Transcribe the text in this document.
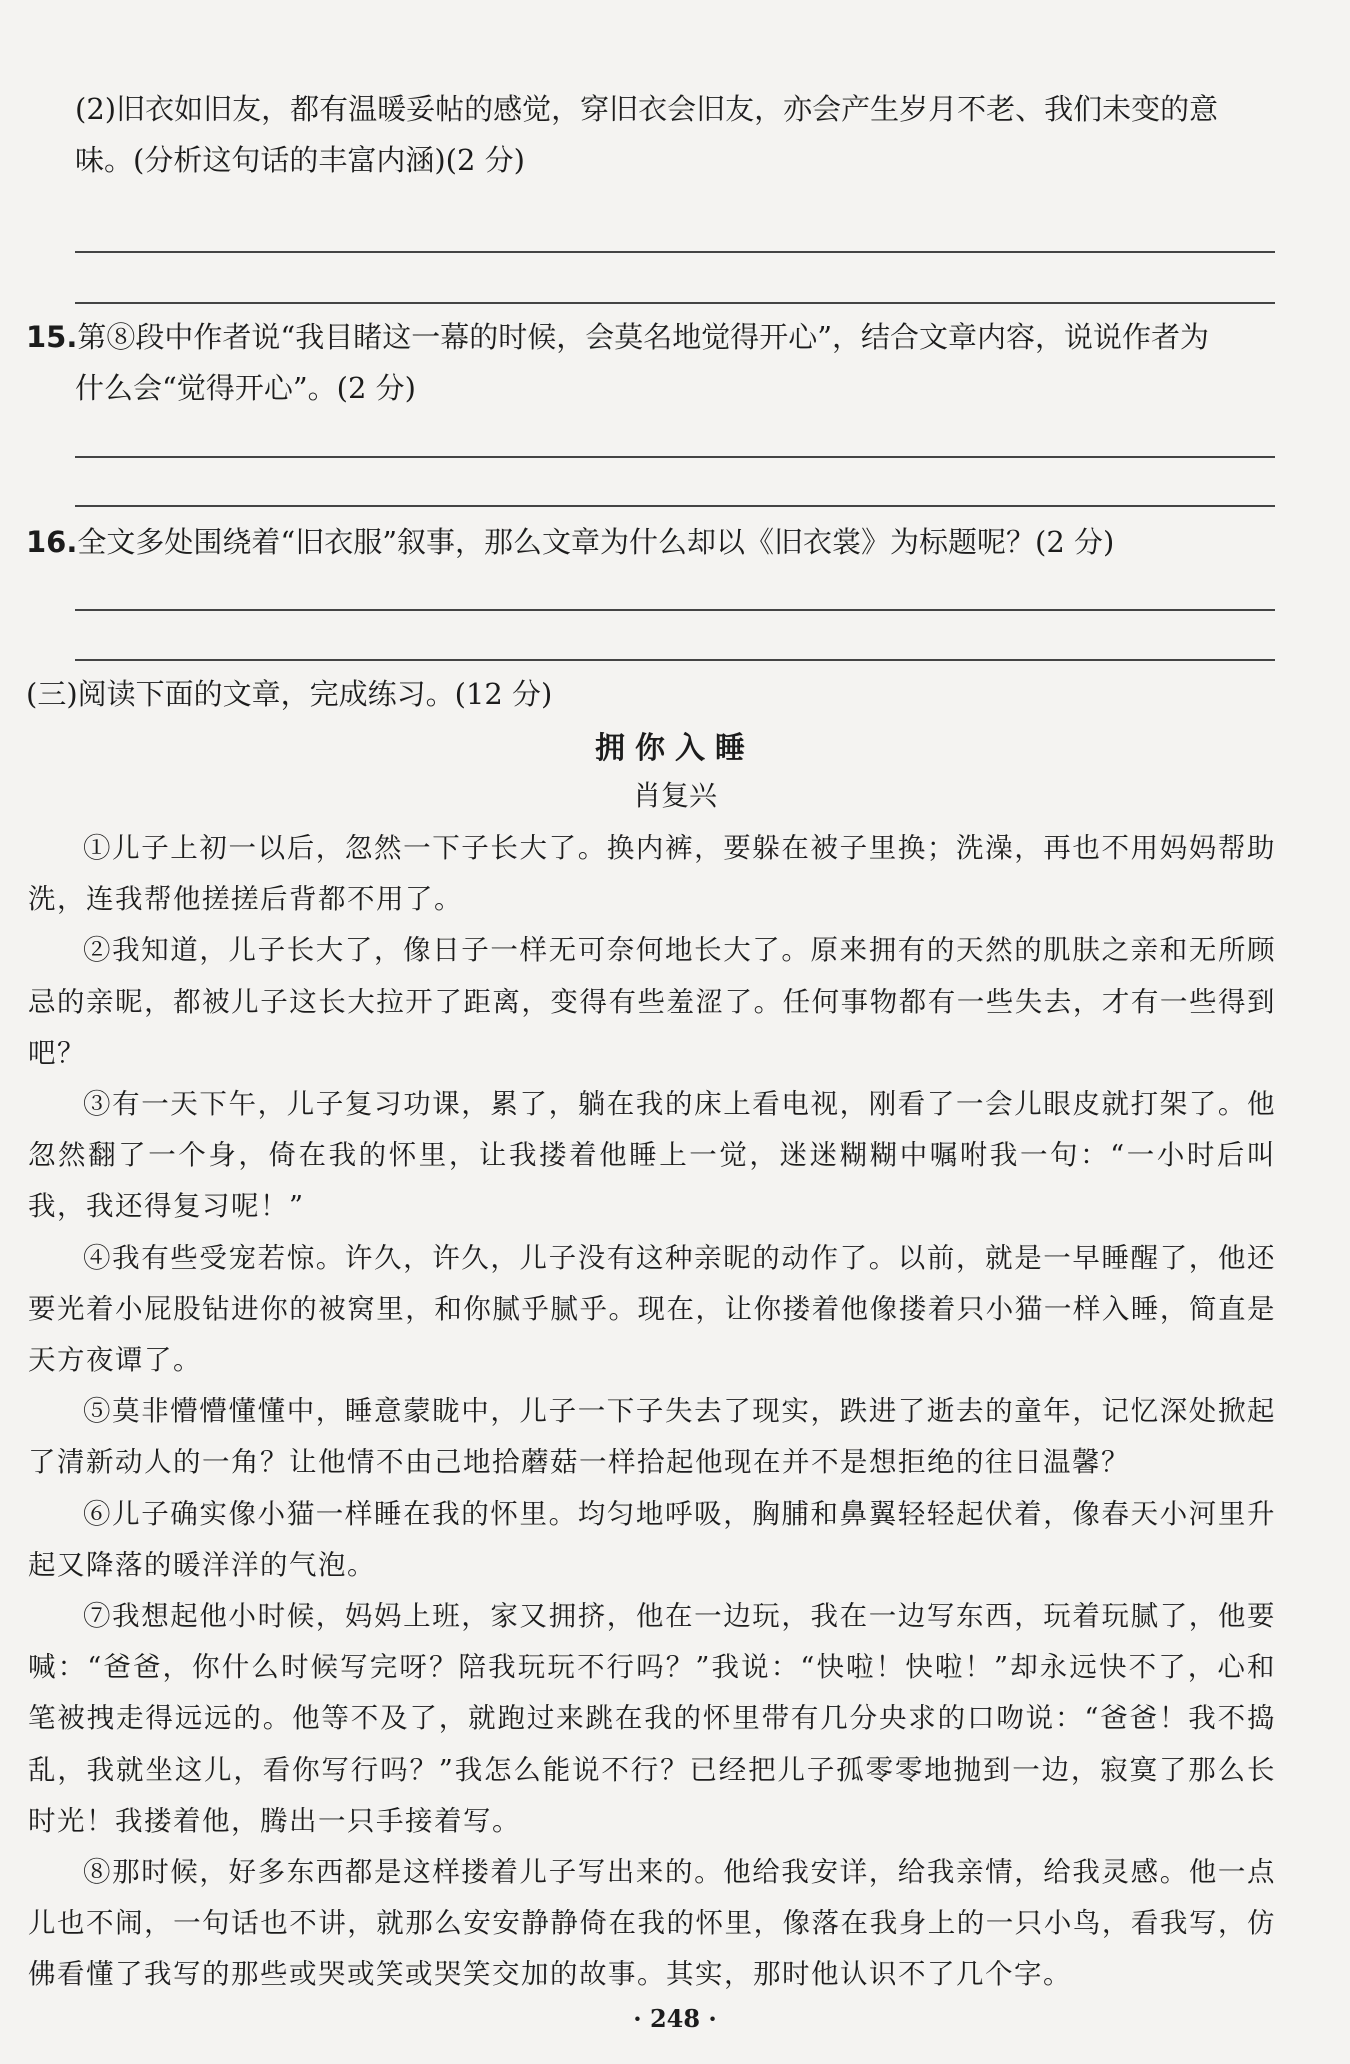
(2)旧衣如旧友，都有温暖妥帖的感觉，穿旧衣会旧友，亦会产生岁月不老、我们未变的意
味。(分析这句话的丰富内涵)(2 分)
15.第⑧段中作者说“我目睹这一幕的时候，会莫名地觉得开心”，结合文章内容，说说作者为
什么会“觉得开心”。(2 分)
16.全文多处围绕着“旧衣服”叙事，那么文章为什么却以《旧衣裳》为标题呢？(2 分)
(三)阅读下面的文章，完成练习。(12 分)
拥你入睡
肖复兴

①儿子上初一以后，忽然一下子长大了。换内裤，要躲在被子里换；洗澡，再也不用妈妈帮助洗，连我帮他搓搓后背都不用了。

②我知道，儿子长大了，像日子一样无可奈何地长大了。原来拥有的天然的肌肤之亲和无所顾忌的亲昵，都被儿子这长大拉开了距离，变得有些羞涩了。任何事物都有一些失去，才有一些得到吧？

③有一天下午，儿子复习功课，累了，躺在我的床上看电视，刚看了一会儿眼皮就打架了。他忽然翻了一个身，倚在我的怀里，让我搂着他睡上一觉，迷迷糊糊中嘱咐我一句：“一小时后叫我，我还得复习呢！”

④我有些受宠若惊。许久，许久，儿子没有这种亲昵的动作了。以前，就是一早睡醒了，他还要光着小屁股钻进你的被窝里，和你腻乎腻乎。现在，让你搂着他像搂着只小猫一样入睡，简直是天方夜谭了。

⑤莫非懵懵懂懂中，睡意蒙眬中，儿子一下子失去了现实，跌进了逝去的童年，记忆深处掀起了清新动人的一角？让他情不由己地拾蘑菇一样拾起他现在并不是想拒绝的往日温馨？

⑥儿子确实像小猫一样睡在我的怀里。均匀地呼吸，胸脯和鼻翼轻轻起伏着，像春天小河里升起又降落的暖洋洋的气泡。

⑦我想起他小时候，妈妈上班，家又拥挤，他在一边玩，我在一边写东西，玩着玩腻了，他要喊：“爸爸，你什么时候写完呀？陪我玩玩不行吗？”我说：“快啦！快啦！”却永远快不了，心和笔被拽走得远远的。他等不及了，就跑过来跳在我的怀里带有几分央求的口吻说：“爸爸！我不捣乱，我就坐这儿，看你写行吗？”我怎么能说不行？已经把儿子孤零零地抛到一边，寂寞了那么长时光！我搂着他，腾出一只手接着写。

⑧那时候，好多东西都是这样搂着儿子写出来的。他给我安详，给我亲情，给我灵感。他一点儿也不闹，一句话也不讲，就那么安安静静倚在我的怀里，像落在我身上的一只小鸟，看我写，仿佛看懂了我写的那些或哭或笑或哭笑交加的故事。其实，那时他认识不了几个字。

· 248 ·
